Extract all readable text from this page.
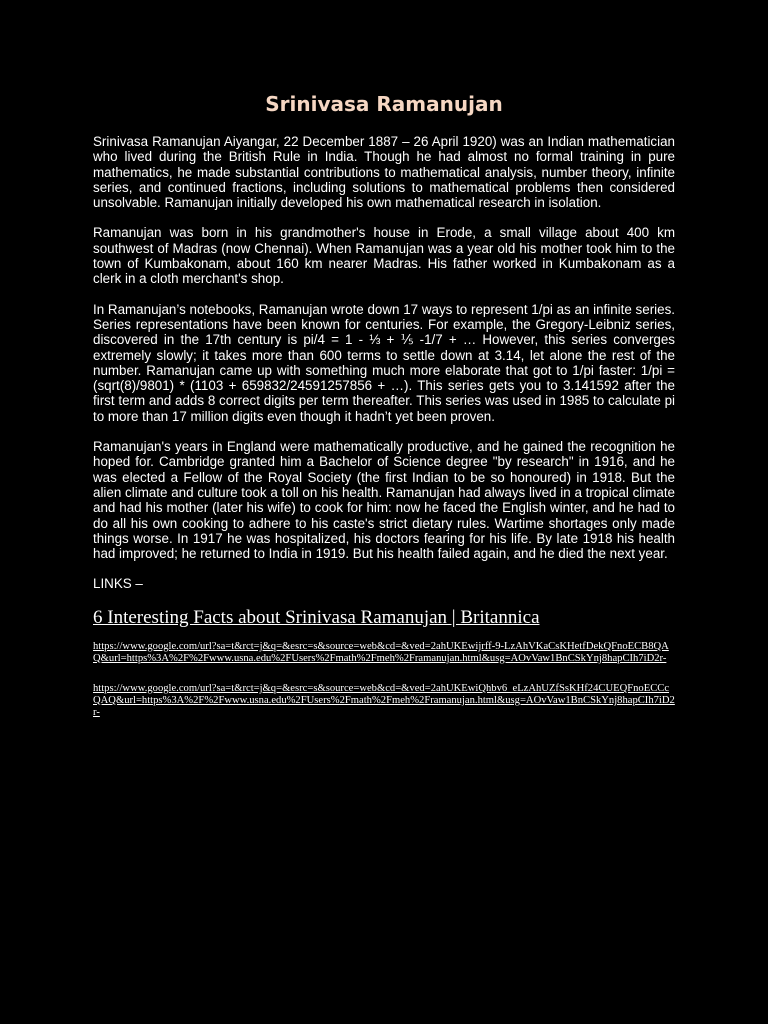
Srinivasa Ramanujan

Srinivasa Ramanujan Aiyangar, 22 December 1887 – 26 April 1920) was an Indian mathematician who lived during the British Rule in India. Though he had almost no formal training in pure mathematics, he made substantial contributions to mathematical analysis, number theory, infinite series, and continued fractions, including solutions to mathematical problems then considered unsolvable. Ramanujan initially developed his own mathematical research in isolation.

Ramanujan was born in his grandmother's house in Erode, a small village about 400 km southwest of Madras (now Chennai). When Ramanujan was a year old his mother took him to the town of Kumbakonam, about 160 km nearer Madras. His father worked in Kumbakonam as a clerk in a cloth merchant's shop.

In Ramanujan’s notebooks, Ramanujan wrote down 17 ways to represent 1/pi as an infinite series. Series representations have been known for centuries. For example, the Gregory-Leibniz series, discovered in the 17th century is pi/4 = 1 - ⅓ + ⅕ -1/7 + … However, this series converges extremely slowly; it takes more than 600 terms to settle down at 3.14, let alone the rest of the number. Ramanujan came up with something much more elaborate that got to 1/pi faster: 1/pi = (sqrt(8)/9801) * (1103 + 659832/24591257856 + …). This series gets you to 3.141592 after the first term and adds 8 correct digits per term thereafter. This series was used in 1985 to calculate pi to more than 17 million digits even though it hadn’t yet been proven.

Ramanujan's years in England were mathematically productive, and he gained the recognition he hoped for. Cambridge granted him a Bachelor of Science degree "by research" in 1916, and he was elected a Fellow of the Royal Society (the first Indian to be so honoured) in 1918. But the alien climate and culture took a toll on his health. Ramanujan had always lived in a tropical climate and had his mother (later his wife) to cook for him: now he faced the English winter, and he had to do all his own cooking to adhere to his caste's strict dietary rules. Wartime shortages only made things worse. In 1917 he was hospitalized, his doctors fearing for his life. By late 1918 his health had improved; he returned to India in 1919. But his health failed again, and he died the next year.

LINKS –

6 Interesting Facts about Srinivasa Ramanujan | Britannica
https://www.google.com/url?sa=t&rct=j&q=&esrc=s&source=web&cd=&ved=2ahUKEwijrff-9-LzAhVKaCsKHetfDekQFnoECB8QAQ&url=https%3A%2F%2Fwww.usna.edu%2FUsers%2Fmath%2Fmeh%2Framanujan.html&usg=AOvVaw1BnCSkYnj8hapCIh7iD2r-
https://www.google.com/url?sa=t&rct=j&q=&esrc=s&source=web&cd=&ved=2ahUKEwiQhbv6_eLzAhUZfSsKHf24CUEQFnoECCcQAQ&url=https%3A%2F%2Fwww.usna.edu%2FUsers%2Fmath%2Fmeh%2Framanujan.html&usg=AOvVaw1BnCSkYnj8hapCIh7iD2r-
